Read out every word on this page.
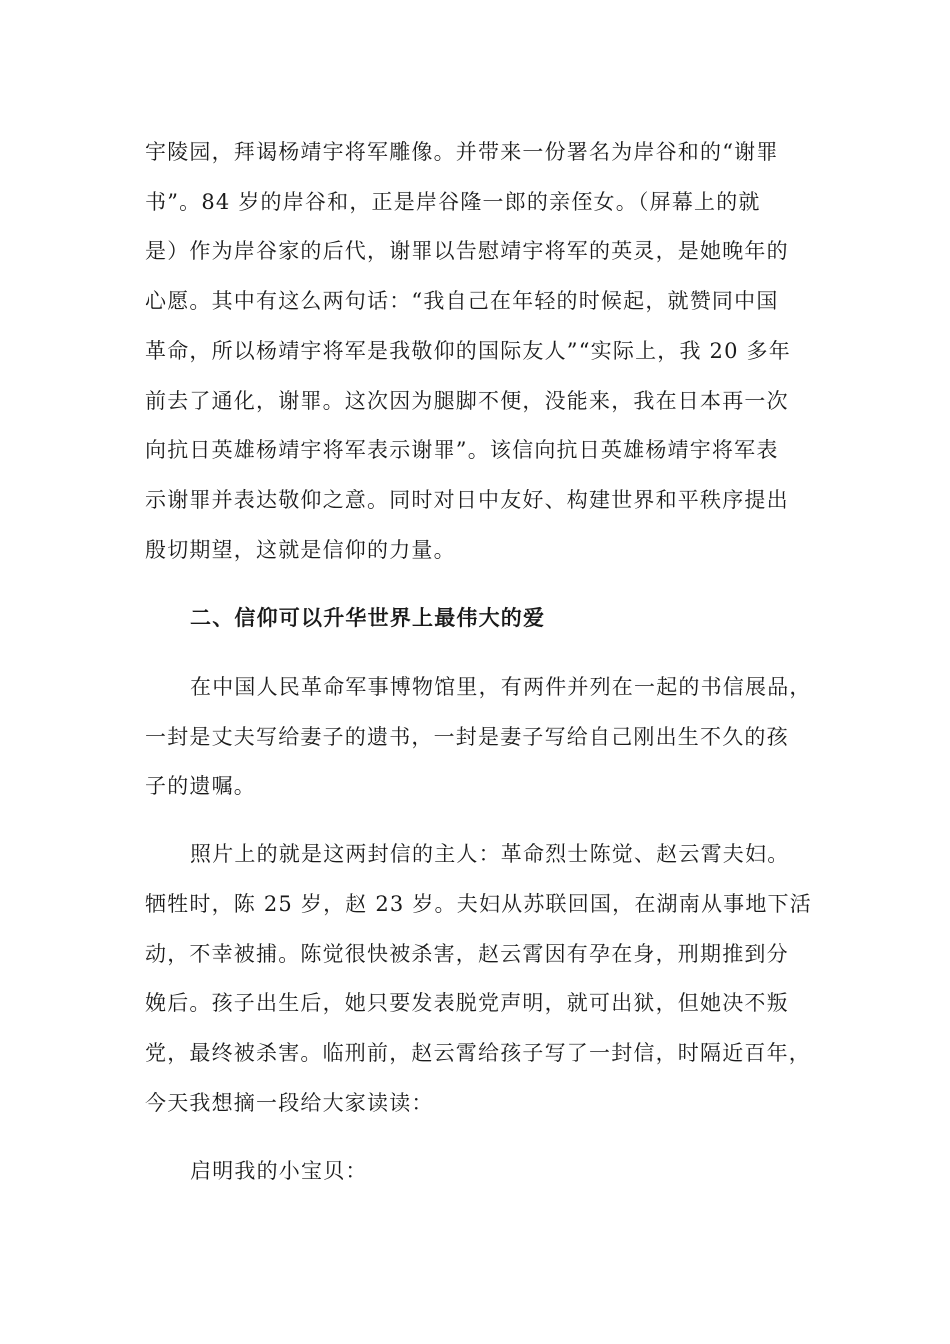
宇陵园，拜谒杨靖宇将军雕像。并带来一份署名为岸谷和的“谢罪
书”。84 岁的岸谷和，正是岸谷隆一郎的亲侄女。（屏幕上的就
是）作为岸谷家的后代，谢罪以告慰靖宇将军的英灵，是她晚年的
心愿。其中有这么两句话：“我自己在年轻的时候起，就赞同中国
革命，所以杨靖宇将军是我敬仰的国际友人”“实际上，我 20 多年
前去了通化，谢罪。这次因为腿脚不便，没能来，我在日本再一次
向抗日英雄杨靖宇将军表示谢罪”。该信向抗日英雄杨靖宇将军表
示谢罪并表达敬仰之意。同时对日中友好、构建世界和平秩序提出
殷切期望，这就是信仰的力量。
二、信仰可以升华世界上最伟大的爱
在中国人民革命军事博物馆里，有两件并列在一起的书信展品，
一封是丈夫写给妻子的遗书，一封是妻子写给自己刚出生不久的孩
子的遗嘱。
照片上的就是这两封信的主人：革命烈士陈觉、赵云霄夫妇。
牺牲时，陈 25 岁，赵 23 岁。夫妇从苏联回国，在湖南从事地下活
动，不幸被捕。陈觉很快被杀害，赵云霄因有孕在身，刑期推到分
娩后。孩子出生后，她只要发表脱党声明，就可出狱，但她决不叛
党，最终被杀害。临刑前，赵云霄给孩子写了一封信，时隔近百年，
今天我想摘一段给大家读读：
启明我的小宝贝：
